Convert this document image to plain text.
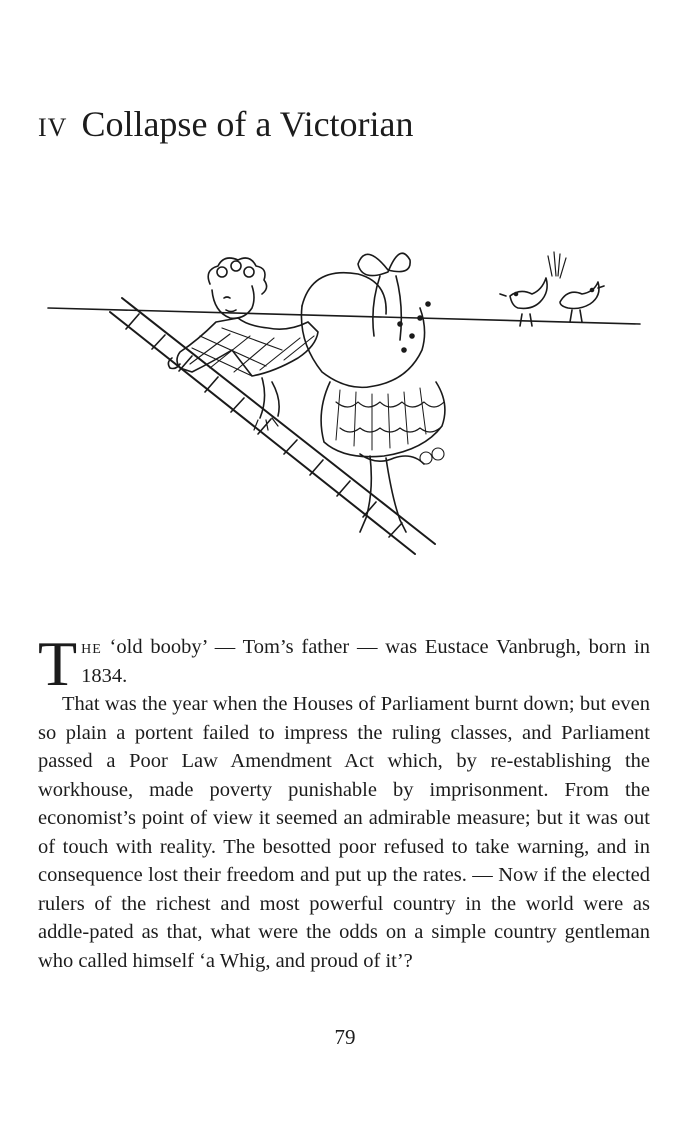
IV Collapse of a Victorian

The ‘old booby’ — Tom’s father — was Eustace Vanbrugh, born in 1834.

That was the year when the Houses of Parliament burnt down; but even so plain a portent failed to impress the ruling classes, and Parliament passed a Poor Law Amendment Act which, by re-establishing the workhouse, made poverty punishable by imprisonment. From the economist’s point of view it seemed an admirable measure; but it was out of touch with reality. The besotted poor refused to take warning, and in consequence lost their freedom and put up the rates. — Now if the elected rulers of the richest and most powerful country in the world were as addle-pated as that, what were the odds on a simple country gentleman who called himself ‘a Whig, and proud of it’?

79
